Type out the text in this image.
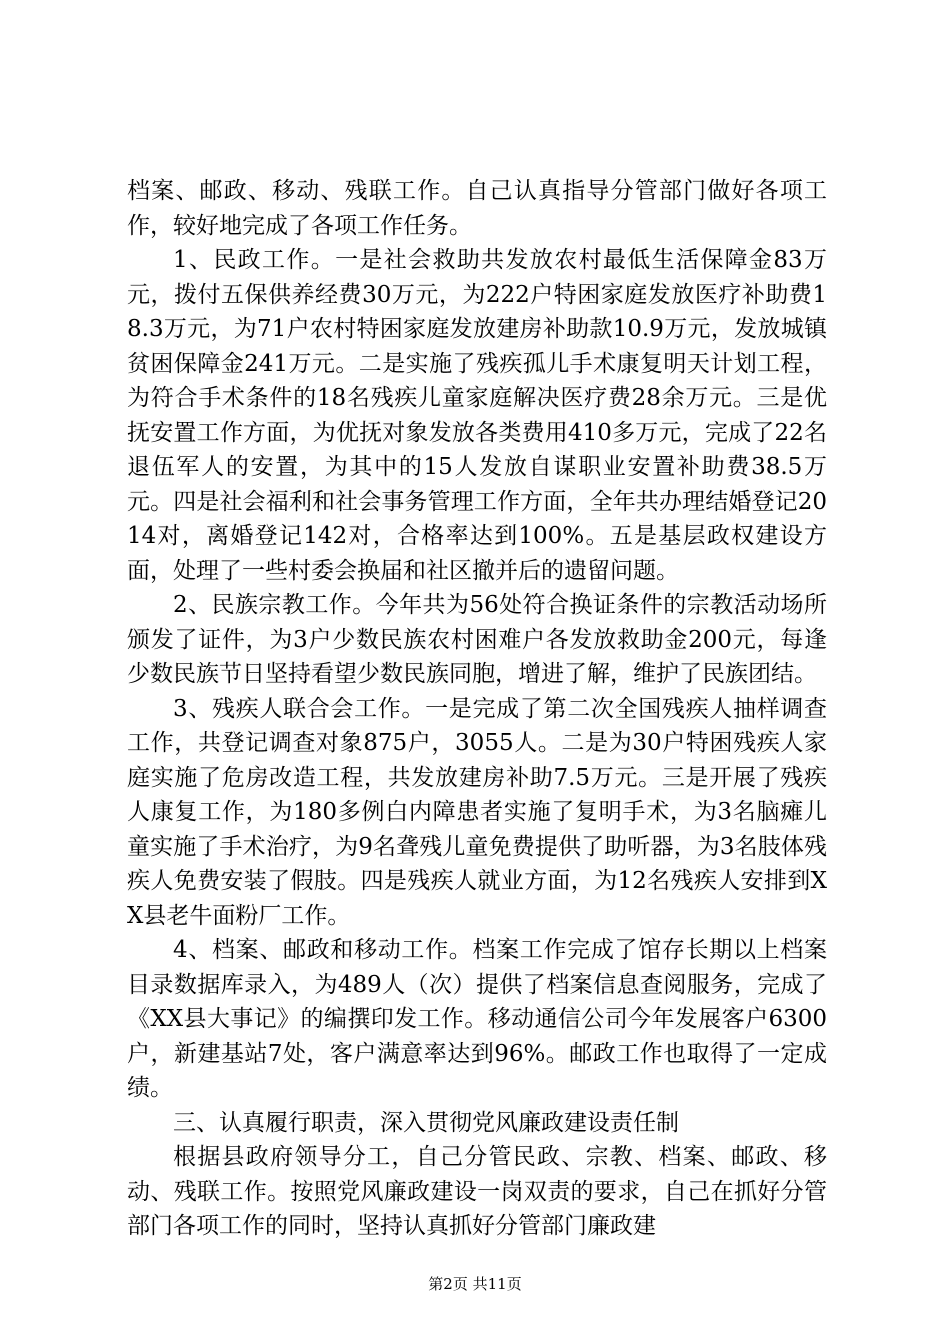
档案、邮政、移动、残联工作。自己认真指导分管部门做好各项工作，较好地完成了各项工作任务。

1、民政工作。一是社会救助共发放农村最低生活保障金83万元，拨付五保供养经费30万元，为222户特困家庭发放医疗补助费18.3万元，为71户农村特困家庭发放建房补助款10.9万元，发放城镇贫困保障金241万元。二是实施了残疾孤儿手术康复明天计划工程，为符合手术条件的18名残疾儿童家庭解决医疗费28余万元。三是优抚安置工作方面，为优抚对象发放各类费用410多万元，完成了22名退伍军人的安置，为其中的15人发放自谋职业安置补助费38.5万元。四是社会福利和社会事务管理工作方面，全年共办理结婚登记2014对，离婚登记142对，合格率达到100%。五是基层政权建设方面，处理了一些村委会换届和社区撤并后的遗留问题。

2、民族宗教工作。今年共为56处符合换证条件的宗教活动场所颁发了证件，为3户少数民族农村困难户各发放救助金200元，每逢少数民族节日坚持看望少数民族同胞，增进了解，维护了民族团结。

3、残疾人联合会工作。一是完成了第二次全国残疾人抽样调查工作，共登记调查对象875户，3055人。二是为30户特困残疾人家庭实施了危房改造工程，共发放建房补助7.5万元。三是开展了残疾人康复工作，为180多例白内障患者实施了复明手术，为3名脑瘫儿童实施了手术治疗，为9名聋残儿童免费提供了助听器，为3名肢体残疾人免费安装了假肢。四是残疾人就业方面，为12名残疾人安排到XX县老牛面粉厂工作。

4、档案、邮政和移动工作。档案工作完成了馆存长期以上档案目录数据库录入，为489人（次）提供了档案信息查阅服务，完成了《XX县大事记》的编撰印发工作。移动通信公司今年发展客户6300户，新建基站7处，客户满意率达到96%。邮政工作也取得了一定成绩。

三、认真履行职责，深入贯彻党风廉政建设责任制

根据县政府领导分工，自己分管民政、宗教、档案、邮政、移动、残联工作。按照党风廉政建设一岗双责的要求，自己在抓好分管部门各项工作的同时，坚持认真抓好分管部门廉政建

第2页 共11页
